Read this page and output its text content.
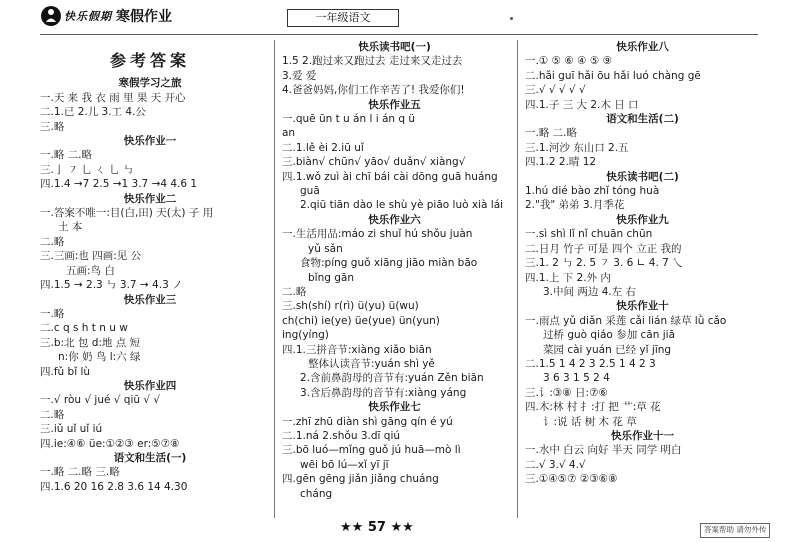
快乐假期 寒假作业	一年级语文
参考答案
寒假学习之旅
一.天 来 我 衣 雨 里 果 天 开心
二.1.已 2.儿 3.工 4.公
三.略
快乐作业一
一.略 二.略
三.亅 ㇇ 乚 ㄑ 乚 ㇉
四.1.4 →7 2.5 →1 3.7 →4 4.6 1
快乐作业二
一.答案不唯一:目(白,田) 天(太) 子 用
土 本
二.略
三.三画:也 四画:见 公
五画:鸟 白
四.1.5 → 2.3 ㇉ 3.7 → 4.3 ノ
快乐作业三
一.略
二.c q s h t n u w
三.b:北 包 d:地 点 短
n:你 奶 鸟 l:六 绿
四.fǔ bǐ lù
快乐作业四
一.√ ròu √ jué √ qiū √ √
二.略
三.iǔ uǐ uǐ iú
四.ie:④⑥ üe:①②③ er:⑤⑦⑧
语文和生活(一)
一.略 二.略 三.略
四.1.6 20 16 2.8 3.6 14 4.30
快乐读书吧(一)
1.5 2.跑过来又跑过去 走过来又走过去
3.爱 爱
4.爸爸妈妈,你们工作辛苦了! 我爱你们!
快乐作业五
一.quē ūn t u án l i án q ü
an
二.1.lě èi 2.iū uǐ
三.biàn√ chūn√ yāo√ duǎn√ xiàng√
四.1.wǒ zuì ài chī bái cài dōng guā huáng
guā
2.qiū tiān dào le shù yè piāo luò xià lái
快乐作业六
一.生活用品:máo zi shuǐ hú shǒu juàn
yǔ sǎn
食物:píng guǒ xiāng jiāo miàn bāo
bǐng gān
二.略
三.sh(shí) r(rì) ü(yu) ü(wu)
ch(chi) ie(ye) üe(yue) ün(yun)
ing(yíng)
四.1.三拼音节:xiàng xiǎo biān
整体认读音节:yuán shì yě
2.含前鼻韵母的音节有:yuán Zěn biān
3.含后鼻韵母的音节有:xiàng yáng
快乐作业七
一.zhī zhū diàn shì gāng qín é yú
二.1.ná 2.shǒu 3.dī qiú
三.bō luó—mǐng guǒ jú huā—mò lì
wēi bō lú—xǐ yī jī
四.gēn gēng jiǎn jiǎng chuáng
cháng
快乐作业八
一.① ⑤ ⑥ ④ ⑤ ⑨
二.hǎi guī hǎi ōu hǎi luó chàng gē
三.√ √ √ √ √
四.1.子 三 大 2.木 日 口
语文和生活(二)
一.略 二.略
三.1.河沙 东山口 2.五
四.1.2 2.晴 12
快乐读书吧(二)
1.hú dié bào zhǐ tóng huà
2."我" 弟弟 3.月季花
快乐作业九
一.sì shì lǐ nǐ chuān chūn
二.日月 竹子 可是 四个 立正 我的
三.1. 2 ㇉ 2. 5 ㇇ 3. 6 ∟ 4. 7 乀
四.1.上 下 2.外 内
3.中间 两边 4.左 右
快乐作业十
一.雨点 yǔ diǎn 采莲 cǎi lián 绿草 lǜ cǎo
过桥 guò qiáo 参加 cān jiā
菜园 cài yuán 已经 yǐ jīng
二.1.5 1 4 2 3 2.5 1 4 2 3
3 6 3 1 5 2 4
三.讠:③⑧ 日:⑦⑥
四.木:林 村 扌:打 把 艹:草 花
讠:说 话 树 木 花 草
快乐作业十一
一.水中 白云 向好 半天 同学 明白
二.√ 3.√ 4.√
三.①④⑤⑦ ②③⑥⑧
★★ 57 ★★	答案帮助 请勿外传
